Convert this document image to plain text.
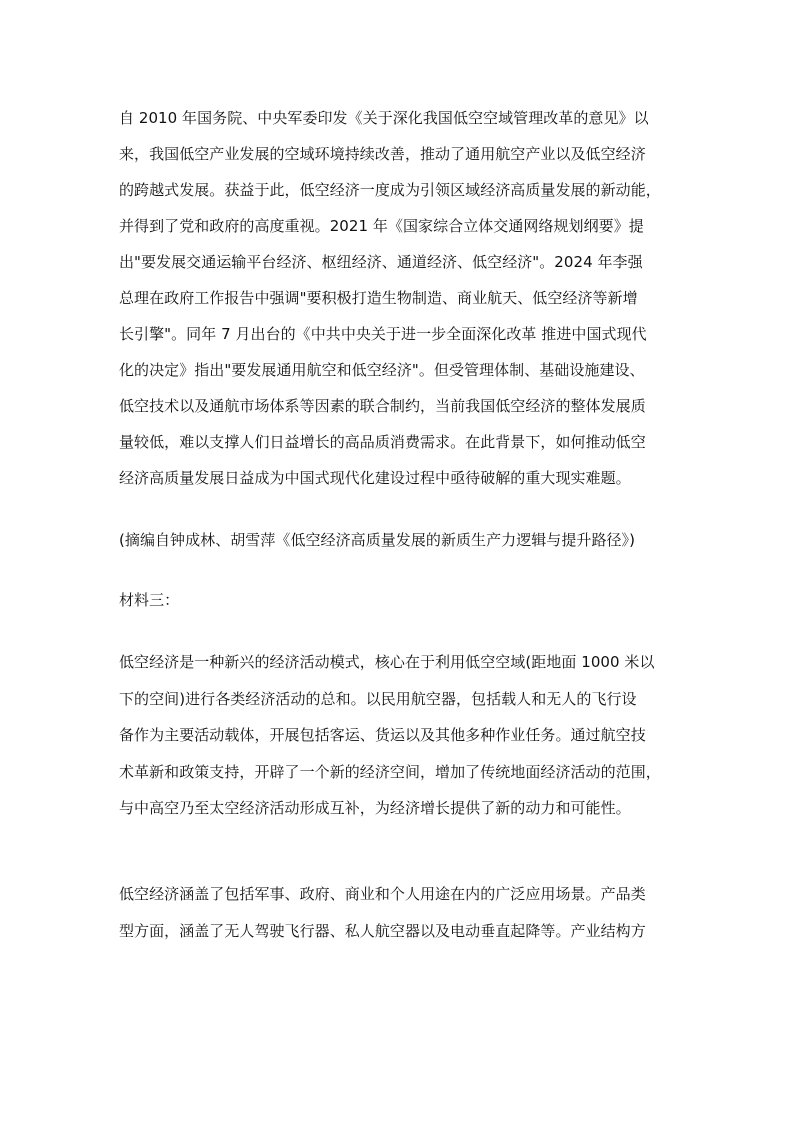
自 2010 年国务院、中央军委印发《关于深化我国低空空域管理改革的意见》以
来，我国低空产业发展的空域环境持续改善，推动了通用航空产业以及低空经济
的跨越式发展。获益于此，低空经济一度成为引领区域经济高质量发展的新动能，
并得到了党和政府的高度重视。2021 年《国家综合立体交通网络规划纲要》提
出"要发展交通运输平台经济、枢纽经济、通道经济、低空经济"。2024 年李强
总理在政府工作报告中强调"要积极打造生物制造、商业航天、低空经济等新增
长引擎"。同年 7 月出台的《中共中央关于进一步全面深化改革 推进中国式现代
化的决定》指出"要发展通用航空和低空经济"。但受管理体制、基础设施建设、
低空技术以及通航市场体系等因素的联合制约，当前我国低空经济的整体发展质
量较低，难以支撑人们日益增长的高品质消费需求。在此背景下，如何推动低空
经济高质量发展日益成为中国式现代化建设过程中亟待破解的重大现实难题。
(摘编自钟成林、胡雪萍《低空经济高质量发展的新质生产力逻辑与提升路径》)
材料三：
低空经济是一种新兴的经济活动模式，核心在于利用低空空域(距地面 1000 米以
下的空间)进行各类经济活动的总和。以民用航空器，包括载人和无人的飞行设
备作为主要活动载体，开展包括客运、货运以及其他多种作业任务。通过航空技
术革新和政策支持，开辟了一个新的经济空间，增加了传统地面经济活动的范围，
与中高空乃至太空经济活动形成互补，为经济增长提供了新的动力和可能性。
低空经济涵盖了包括军事、政府、商业和个人用途在内的广泛应用场景。产品类
型方面，涵盖了无人驾驶飞行器、私人航空器以及电动垂直起降等。产业结构方
